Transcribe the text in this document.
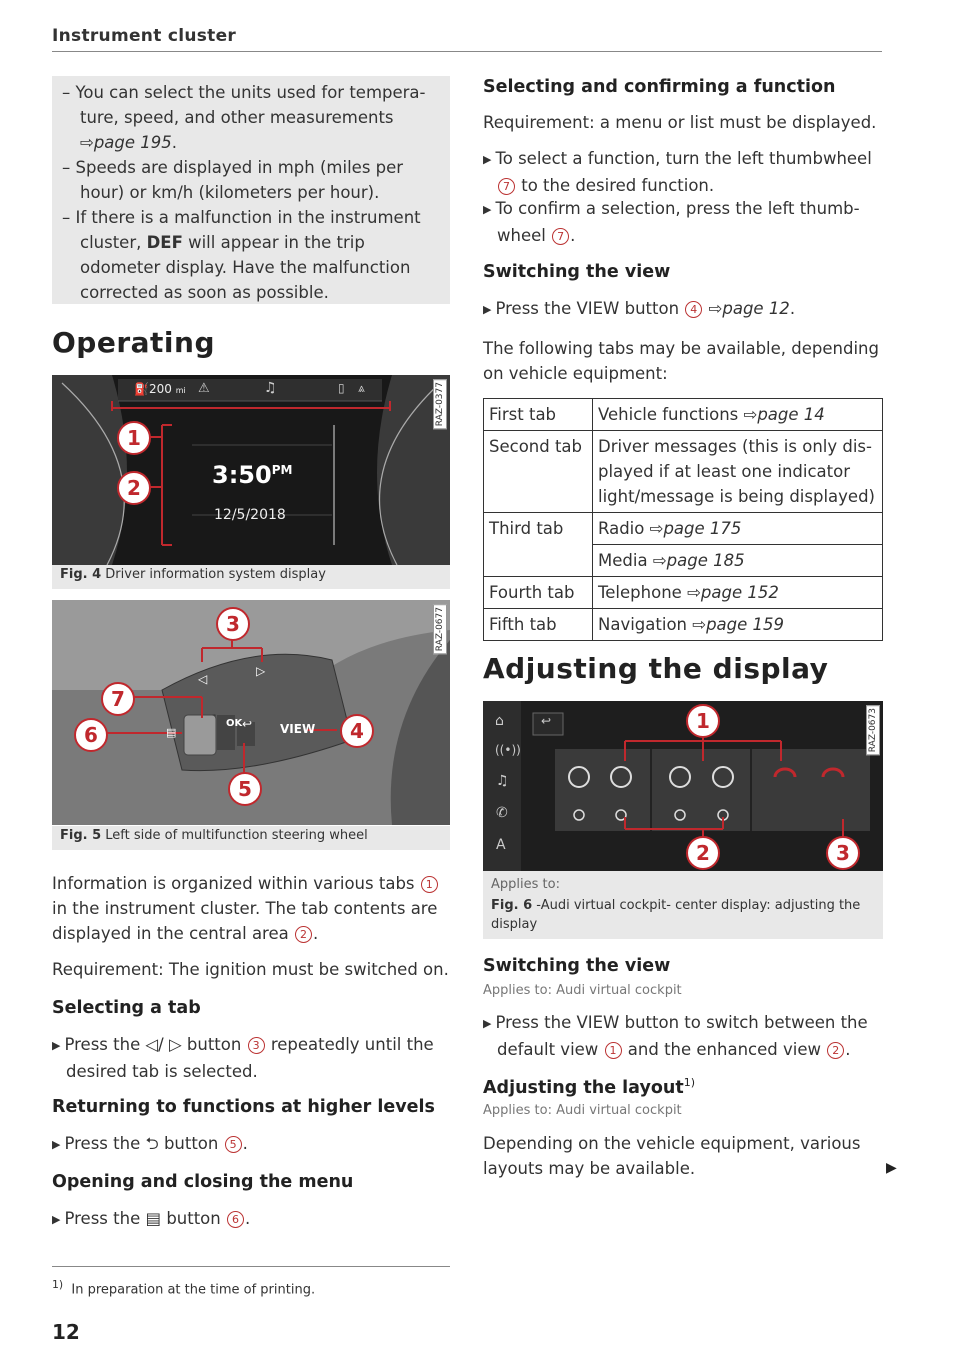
Instrument cluster
– You can select the units used for temperature, speed, and other measurements ⇨page 195.
– Speeds are displayed in mph (miles per hour) or km/h (kilometers per hour).
– If there is a malfunction in the instrument cluster, DEF will appear in the trip odometer display. Have the malfunction corrected as soon as possible.
Operating
⛽200 mi ⚠	♫	▯ ⩓
$3:50^{PM}$
12/5/2018
1
2
RAZ-0377
Fig. 4 Driver information system display
◁
▷
OK ↩ VIEW
▤
3
4
5
6
7
RAZ-0677
Fig. 5 Left side of multifunction steering wheel
Information is organized within various tabs 1 in the instrument cluster. The tab contents are displayed in the central area 2 .
Requirement: The ignition must be switched on.
Selecting a tab
▶ Press the ◁/ ▷ button 3 repeatedly until the desired tab is selected.
Returning to functions at higher levels
▶ Press the ⮌ button 5 .
Opening and closing the menu
▶ Press the ▤ button 6 .
$^{1)}$ In preparation at the time of printing.
12
Selecting and confirming a function
Requirement: a menu or list must be displayed.
▶ To select a function, turn the left thumbwheel 7 to the desired function.
▶ To confirm a selection, press the left thumbwheel 7 .
Switching the view
▶ Press the VIEW button 4 ⇨page 12.
The following tabs may be available, depending on vehicle equipment:
First tab	Vehicle functions ⇨page 14
Second tab	Driver messages (this is only displayed if at least one indicator light/message is being displayed)
Third tab	Radio ⇨page 175
	Media ⇨page 185
Fourth tab	Telephone ⇨page 152
Fifth tab	Navigation ⇨page 159
Adjusting the display
⌂
((•))
♫
✆
A
↩	1
2	3
RAZ-0673
Applies to:
Fig. 6 -Audi virtual cockpit- center display: adjusting the display
Switching the view
Applies to: Audi virtual cockpit
▶ Press the VIEW button to switch between the default view 1 and the enhanced view 2 .
Adjusting the layout$^{1)}$
Applies to: Audi virtual cockpit
Depending on the vehicle equipment, various layouts may be available.	▶
